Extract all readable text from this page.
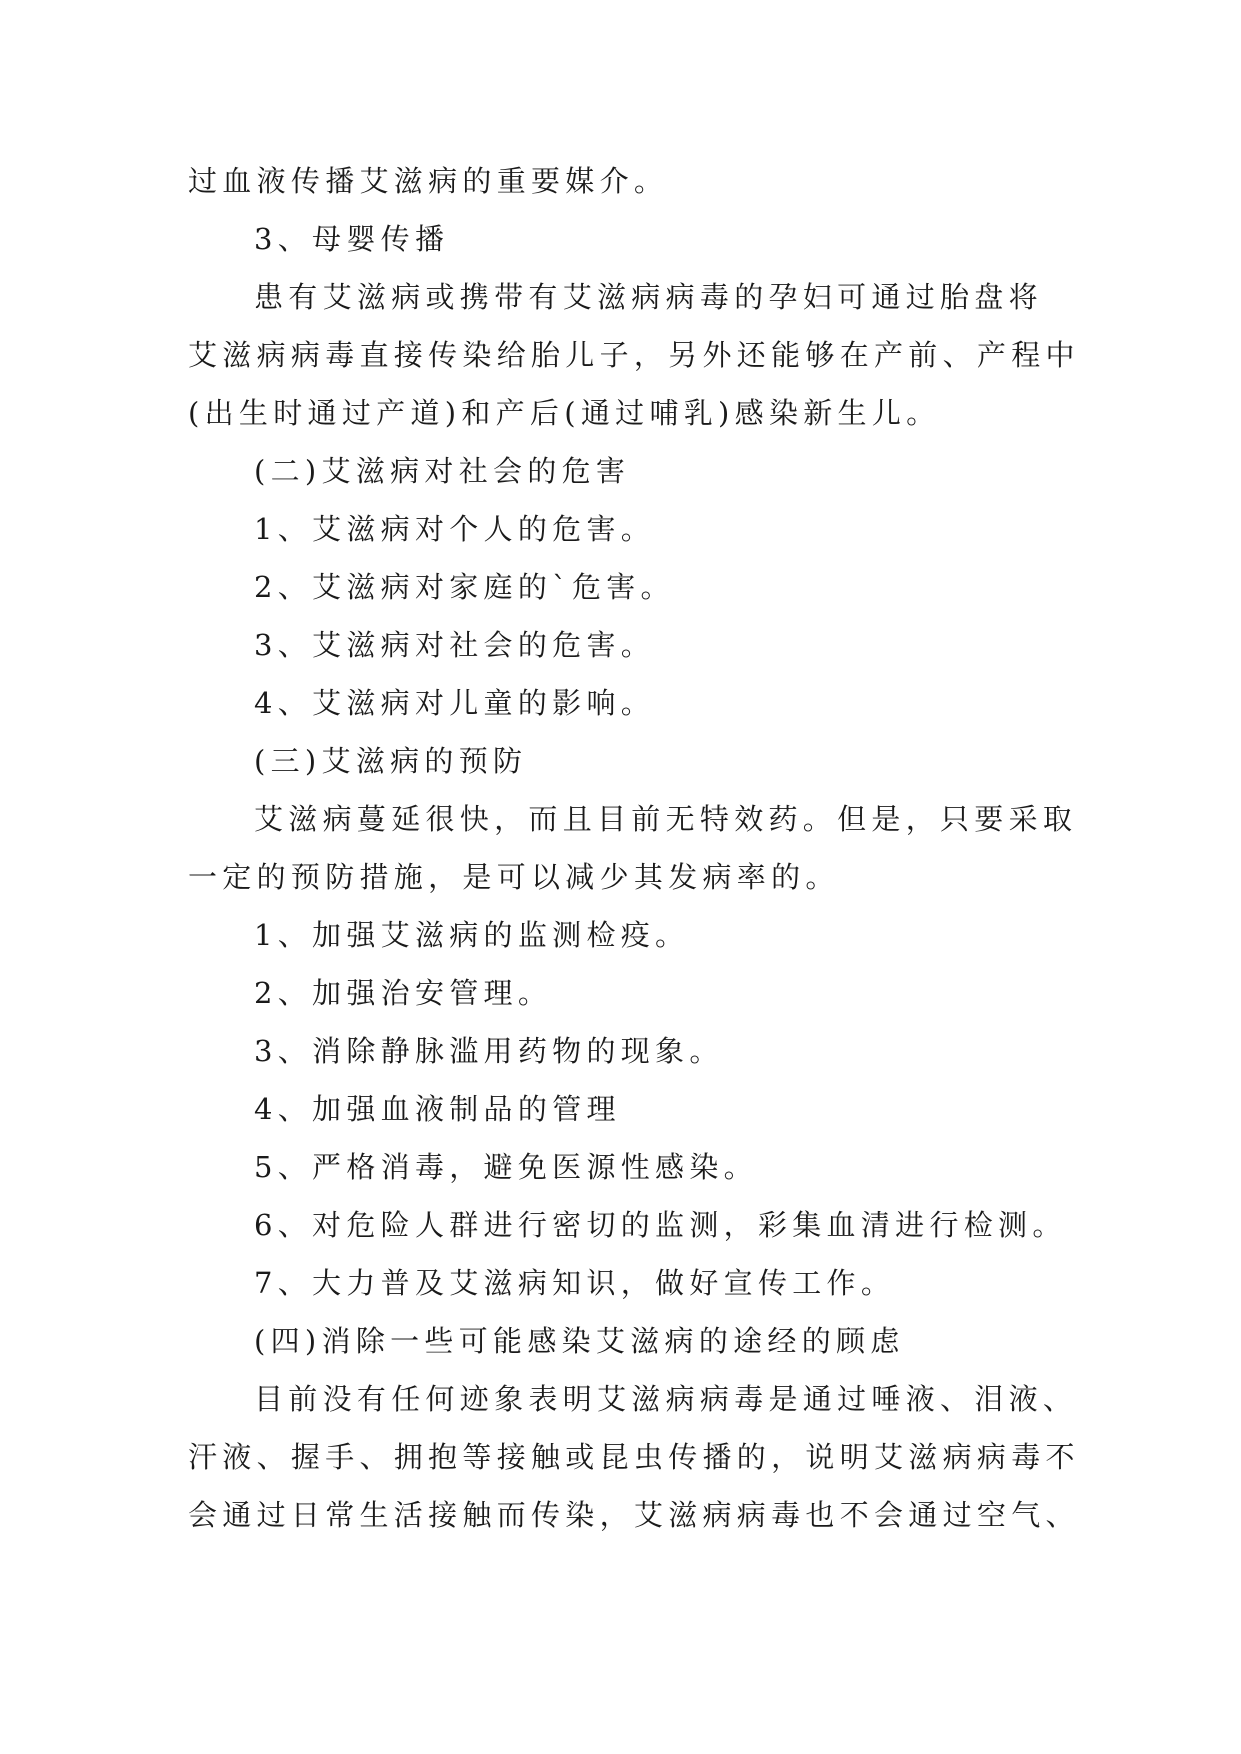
过血液传播艾滋病的重要媒介。
3、母婴传播
患有艾滋病或携带有艾滋病病毒的孕妇可通过胎盘将
艾滋病病毒直接传染给胎儿子，另外还能够在产前、产程中
(出生时通过产道)和产后(通过哺乳)感染新生儿。
(二)艾滋病对社会的危害
1、艾滋病对个人的危害。
2、艾滋病对家庭的`危害。
3、艾滋病对社会的危害。
4、艾滋病对儿童的影响。
(三)艾滋病的预防
艾滋病蔓延很快，而且目前无特效药。但是，只要采取
一定的预防措施，是可以减少其发病率的。
1、加强艾滋病的监测检疫。
2、加强治安管理。
3、消除静脉滥用药物的现象。
4、加强血液制品的管理
5、严格消毒，避免医源性感染。
6、对危险人群进行密切的监测，彩集血清进行检测。
7、大力普及艾滋病知识，做好宣传工作。
(四)消除一些可能感染艾滋病的途经的顾虑
目前没有任何迹象表明艾滋病病毒是通过唾液、泪液、
汗液、握手、拥抱等接触或昆虫传播的，说明艾滋病病毒不
会通过日常生活接触而传染，艾滋病病毒也不会通过空气、
